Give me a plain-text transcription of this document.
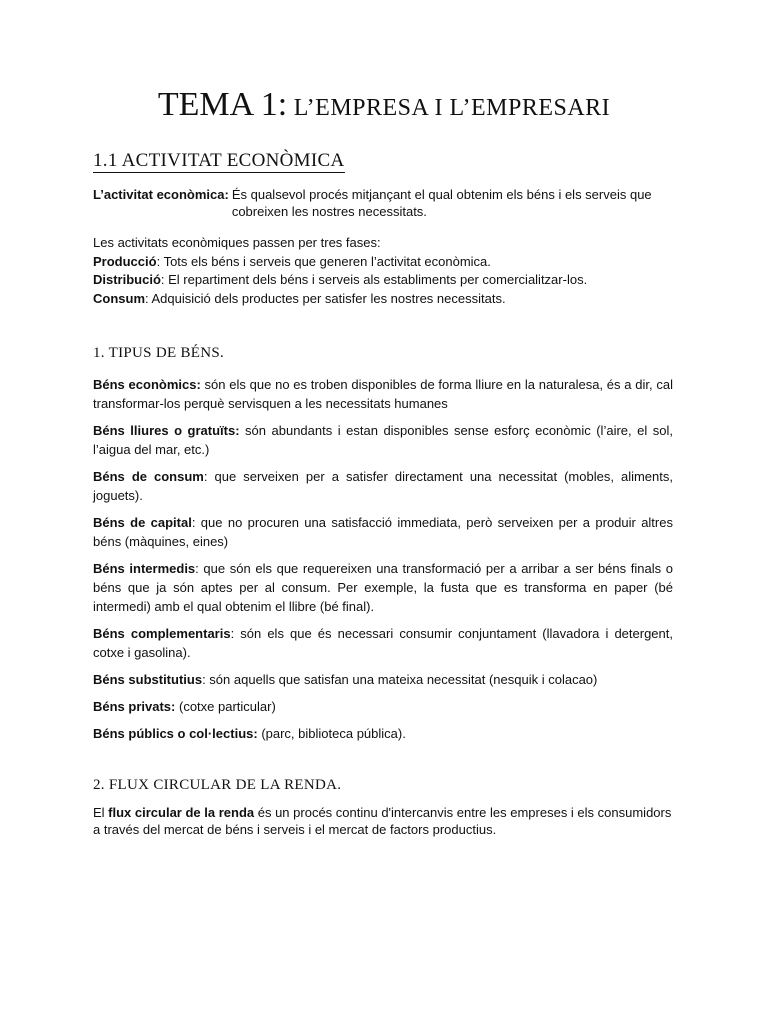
TEMA 1: L’EMPRESA I L’EMPRESARI
1.1 ACTIVITAT ECONÒMICA
L’activitat econòmica: És qualsevol procés mitjançant el qual obtenim els béns i els serveis que cobreixen les nostres necessitats.
Les activitats econòmiques passen per tres fases:
Producció: Tots els béns i serveis que generen l’activitat econòmica.
Distribució: El repartiment dels béns i serveis als establiments per comercialitzar-los.
Consum: Adquisició dels productes per satisfer les nostres necessitats.
1. TIPUS DE BÉNS.

Béns econòmics: són els que no es troben disponibles de forma lliure en la naturalesa, és a dir, cal transformar-los perquè servisquen a les necessitats humanes

Béns lliures o gratuïts: són abundants i estan disponibles sense esforç econòmic (l’aire, el sol, l’aigua del mar, etc.)

Béns de consum: que serveixen per a satisfer directament una necessitat (mobles, aliments, joguets).

Béns de capital: que no procuren una satisfacció immediata, però serveixen per a produir altres béns (màquines, eines)

Béns intermedis: que són els que requereixen una transformació per a arribar a ser béns finals o béns que ja són aptes per al consum. Per exemple, la fusta que es transforma en paper (bé intermedi) amb el qual obtenim el llibre (bé final).

Béns complementaris: són els que és necessari consumir conjuntament (llavadora i detergent, cotxe i gasolina).

Béns substitutius: són aquells que satisfan una mateixa necessitat (nesquik i colacao)

Béns privats: (cotxe particular)

Béns públics o col·lectius: (parc, biblioteca pública).

2. FLUX CIRCULAR DE LA RENDA.
El flux circular de la renda és un procés continu d'intercanvis entre les empreses i els consumidors a través del mercat de béns i serveis i el mercat de factors productius.
